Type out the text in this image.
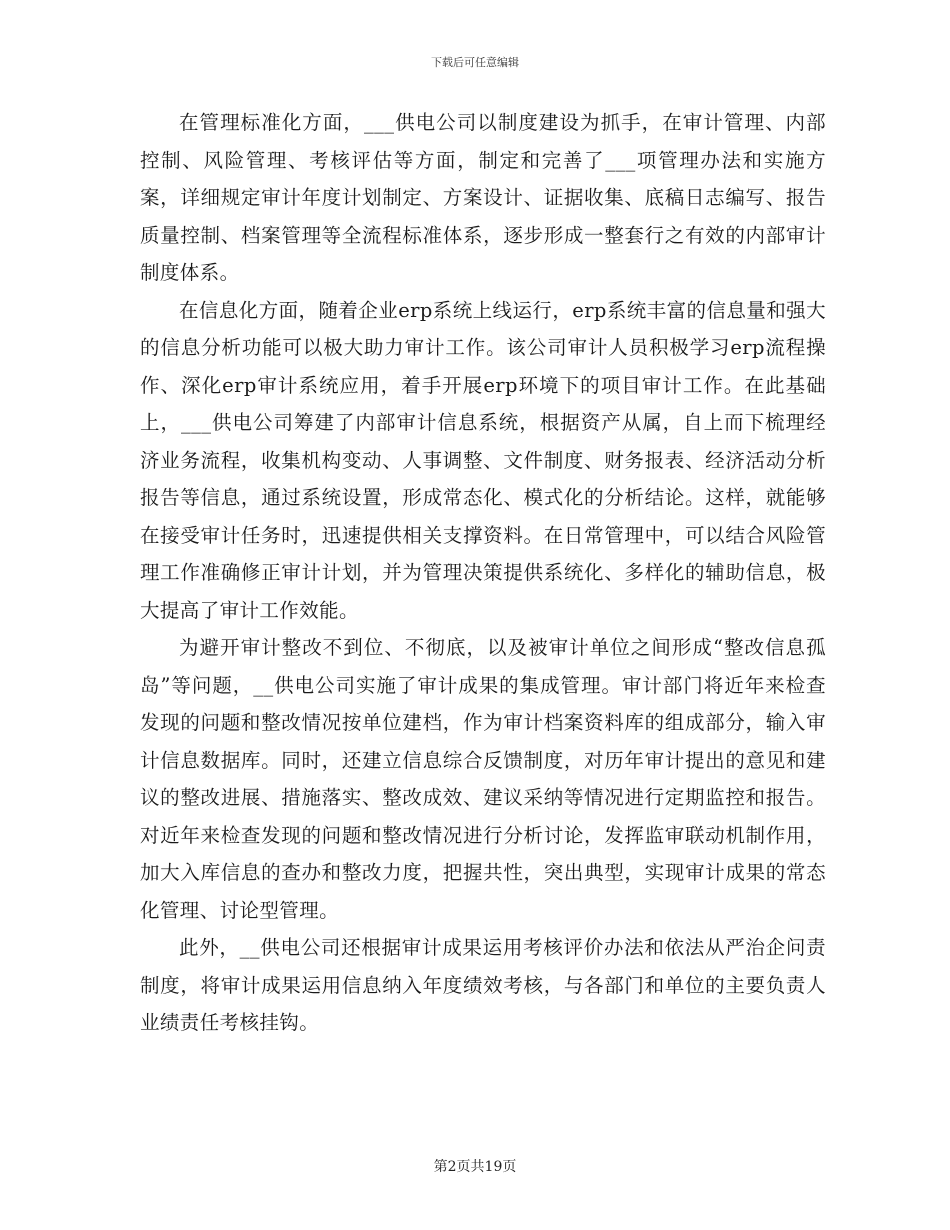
下载后可任意编辑

在管理标准化方面，___供电公司以制度建设为抓手，在审计管理、内部控制、风险管理、考核评估等方面，制定和完善了___项管理办法和实施方案，详细规定审计年度计划制定、方案设计、证据收集、底稿日志编写、报告质量控制、档案管理等全流程标准体系，逐步形成一整套行之有效的内部审计制度体系。

在信息化方面，随着企业erp系统上线运行，erp系统丰富的信息量和强大的信息分析功能可以极大助力审计工作。该公司审计人员积极学习erp流程操作、深化erp审计系统应用，着手开展erp环境下的项目审计工作。在此基础上，___供电公司筹建了内部审计信息系统，根据资产从属，自上而下梳理经济业务流程，收集机构变动、人事调整、文件制度、财务报表、经济活动分析报告等信息，通过系统设置，形成常态化、模式化的分析结论。这样，就能够在接受审计任务时，迅速提供相关支撑资料。在日常管理中，可以结合风险管理工作准确修正审计计划，并为管理决策提供系统化、多样化的辅助信息，极大提高了审计工作效能。

为避开审计整改不到位、不彻底，以及被审计单位之间形成“整改信息孤岛”等问题，__供电公司实施了审计成果的集成管理。审计部门将近年来检查发现的问题和整改情况按单位建档，作为审计档案资料库的组成部分，输入审计信息数据库。同时，还建立信息综合反馈制度，对历年审计提出的意见和建议的整改进展、措施落实、整改成效、建议采纳等情况进行定期监控和报告。对近年来检查发现的问题和整改情况进行分析讨论，发挥监审联动机制作用，加大入库信息的查办和整改力度，把握共性，突出典型，实现审计成果的常态化管理、讨论型管理。

此外，__供电公司还根据审计成果运用考核评价办法和依法从严治企问责制度，将审计成果运用信息纳入年度绩效考核，与各部门和单位的主要负责人业绩责任考核挂钩。

第2页共19页
